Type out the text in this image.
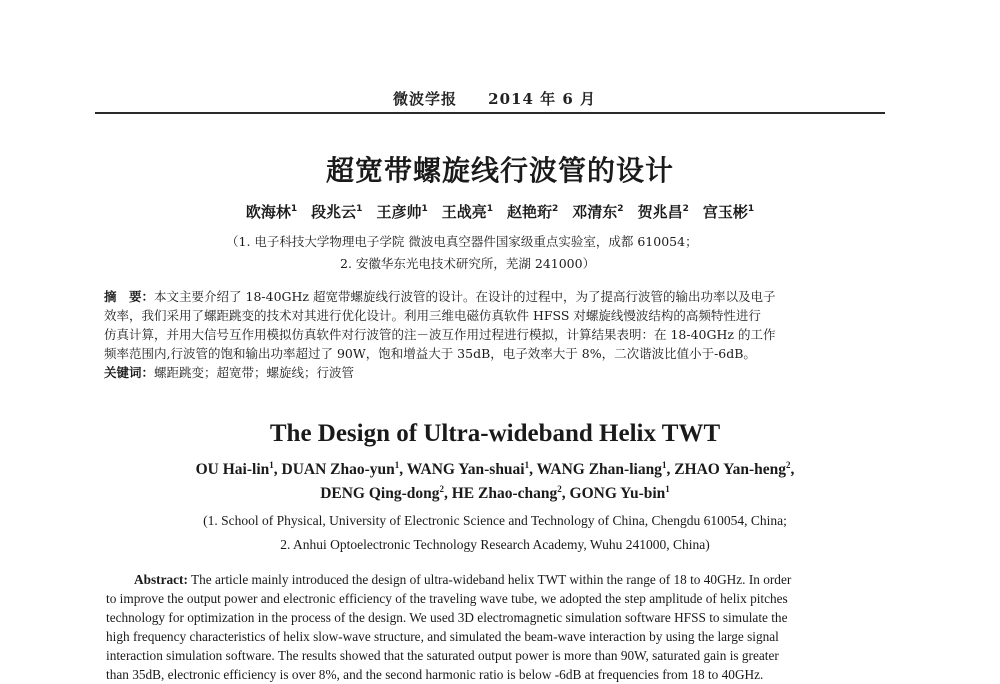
微波学报 2014 年 6 月
超宽带螺旋线行波管的设计
欧海林$^1$ 段兆云$^1$ 王彦帅$^1$ 王战亮$^1$ 赵艳珩$^2$ 邓清东$^2$ 贺兆昌$^2$ 宫玉彬$^1$
（1. 电子科技大学物理电子学院 微波电真空器件国家级重点实验室，成都 610054；
2. 安徽华东光电技术研究所，芜湖 241000）

摘　要：本文主要介绍了 18-40GHz 超宽带螺旋线行波管的设计。在设计的过程中，为了提高行波管的输出功率以及电子

效率，我们采用了螺距跳变的技术对其进行优化设计。利用三维电磁仿真软件 HFSS 对螺旋线慢波结构的高频特性进行

仿真计算，并用大信号互作用模拟仿真软件对行波管的注－波互作用过程进行模拟，计算结果表明：在 18-40GHz 的工作

频率范围内,行波管的饱和输出功率超过了 90W，饱和增益大于 35dB，电子效率大于 8%，二次谐波比值小于-6dB。

关键词：螺距跳变；超宽带；螺旋线；行波管

The Design of Ultra-wideband Helix TWT
OU Hai-lin$^1$, DUAN Zhao-yun$^1$, WANG Yan-shuai$^1$, WANG Zhan-liang$^1$, ZHAO Yan-heng$^2$,
DENG Qing-dong$^2$, HE Zhao-chang$^2$, GONG Yu-bin$^1$
(1. School of Physical, University of Electronic Science and Technology of China, Chengdu 610054, China;
2. Anhui Optoelectronic Technology Research Academy, Wuhu 241000, China)

Abstract: The article mainly introduced the design of ultra-wideband helix TWT within the range of 18 to 40GHz. In order

to improve the output power and electronic efficiency of the traveling wave tube, we adopted the step amplitude of helix pitches

technology for optimization in the process of the design. We used 3D electromagnetic simulation software HFSS to simulate the

high frequency characteristics of helix slow-wave structure, and simulated the beam-wave interaction by using the large signal

interaction simulation software. The results showed that the saturated output power is more than 90W, saturated gain is greater

than 35dB, electronic efficiency is over 8%, and the second harmonic ratio is below -6dB at frequencies from 18 to 40GHz.
